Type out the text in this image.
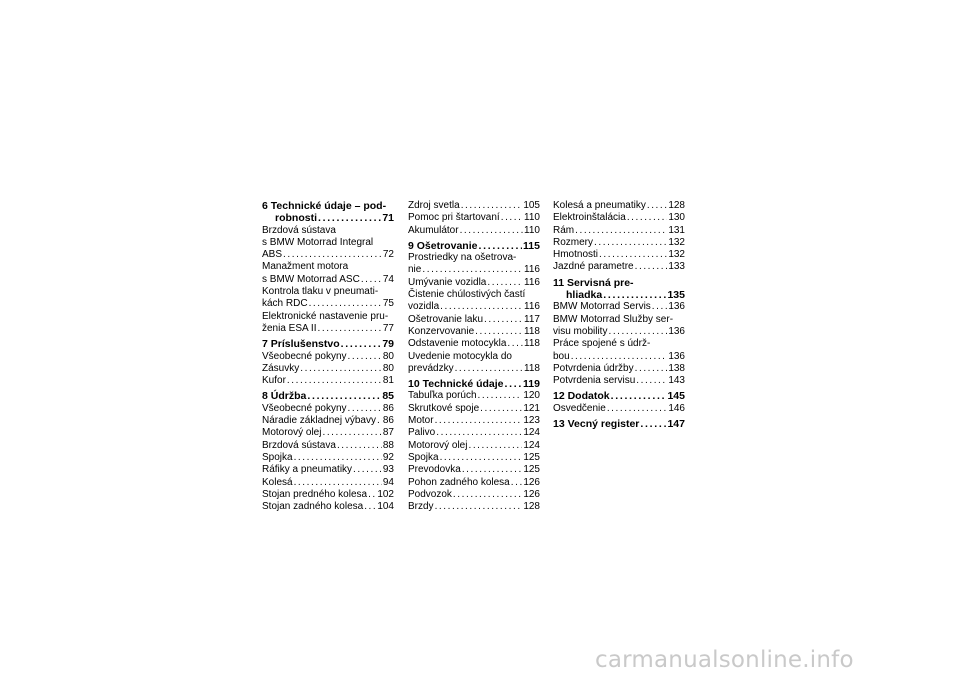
6 Technické údaje – pod-
robnosti . . .	71
Brzdová sústava
s BMW Motorrad Integral
ABS . . .	72
Manažment motora
s BMW Motorrad ASC . . . 74
Kontrola tlaku v pneumati-
kách RDC . . .	75
Elektronické nastavenie pru-
ženia ESA II . . .	77
7 Príslušenstvo . . .	79
Všeobecné pokyny . . .	80
Zásuvky . . .	80
Kufor . . .	81
8 Údržba . . .	85
Všeobecné pokyny . . .	86
Náradie základnej výbavy . . . 86
Motorový olej . . .	87
Brzdová sústava . . .	88
Spojka . . .	92
Ráfiky a pneumatiky . . .	93
Kolesá . . .	94
Stojan predného kolesa . . . 102
Stojan zadného kolesa . . . 104
Zdroj svetla . . .	105
Pomoc pri štartovaní . . . 110
Akumulátor . . .	110
9 Ošetrovanie . . .	115
Prostriedky na ošetrova-
nie . . .	116
Umývanie vozidla . . .	116
Čistenie chúlostivých častí
vozidla . . .	116
Ošetrovanie laku . . .	117
Konzervovanie . . .	118
Odstavenie motocykla . . . 118
Uvedenie motocykla do
prevádzky . . .	118
10 Technické údaje . . . 119
Tabuľka porúch . . .	120
Skrutkové spoje . . .	121
Motor . . .	123
Palivo . . .	124
Motorový olej . . .	124
Spojka . . .	125
Prevodovka . . .	125
Pohon zadného kolesa . . . 126
Podvozok . . .	126
Brzdy . . .	128
Kolesá a pneumatiky . . . 128
Elektroinštalácia . . .	130
Rám . . .	131
Rozmery . . .	132
Hmotnosti . . .	132
Jazdné parametre . . .	133
11 Servisná pre-
hliadka . . .	135
BMW Motorrad Servis . . . 136
BMW Motorrad Služby ser-
visu mobility . . .	136
Práce spojené s údrž-
bou . . .	136
Potvrdenia údržby . . .	138
Potvrdenia servisu . . .	143
12 Dodatok . . .	145
Osvedčenie . . .	146
13 Vecný register . . .	147
carmanualsonline.info
